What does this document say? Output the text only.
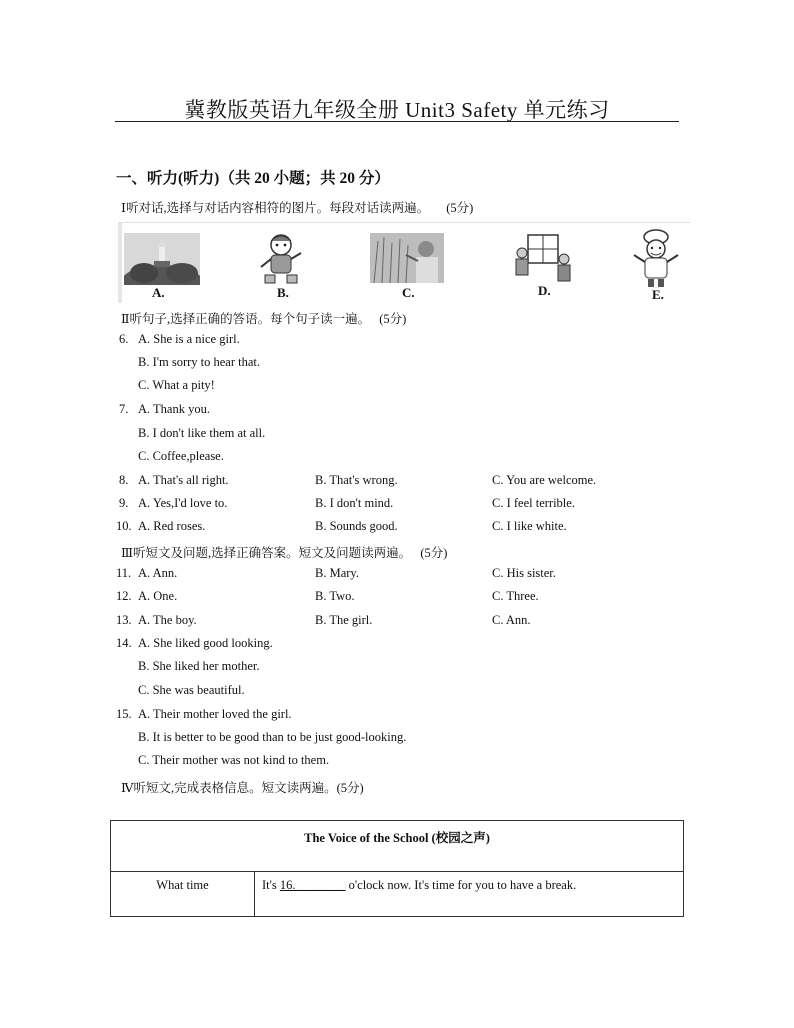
冀教版英语九年级全册 Unit3 Safety 单元练习
一、听力(听力)（共 20 小题；共 20 分）
Ⅰ听对话,选择与对话内容相符的图片。每段对话读两遍。 (5分)
A.	B.	C.	D.	E.
Ⅱ听句子,选择正确的答语。每个句子读一遍。 (5分)
6. A. She is a nice girl.
B. I'm sorry to hear that.
C. What a pity!
7. A. Thank you.
B. I don't like them at all.
C. Coffee,please.
8. A. That's all right.	B. That's wrong.	C. You are welcome.
9. A. Yes,I'd love to.	B. I don't mind.	C. I feel terrible.
10. A. Red roses.	B. Sounds good.	C. I like white.
Ⅲ听短文及问题,选择正确答案。短文及问题读两遍。 (5分)
11. A. Ann.	B. Mary.	C. His sister.
12. A. One.	B. Two.	C. Three.
13. A. The boy.	B. The girl.	C. Ann.
14. A. She liked good looking.
B. She liked her mother.
C. She was beautiful.
15. A. Their mother loved the girl.
B. It is better to be good than to be just good-looking.
C. Their mother was not kind to them.
Ⅳ听短文,完成表格信息。短文读两遍。(5分)
The Voice of the School (校园之声)
What time	It's 16.________ o'clock now. It's time for you to have a break.
